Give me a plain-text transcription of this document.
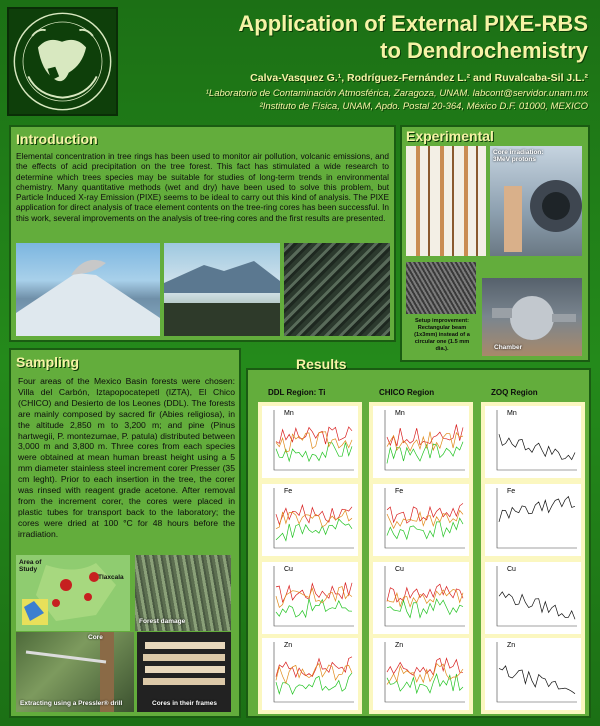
Application of External PIXE-RBS
to Dendrochemistry
Calva-Vasquez G.¹, Rodríguez-Fernández L.² and Ruvalcaba-Sil J.L.²
¹Laboratorio de Contaminación Atmosférica, Zaragoza, UNAM. labcont@servidor.unam.mx
²Instituto de Física, UNAM, Apdo. Postal 20-364, México D.F. 01000, MEXICO
Introduction
Elemental concentration in tree rings has been used to monitor air pollution, volcanic emissions, and the effects of acid precipitation on the tree forest. This fact has stimulated a wide research to determine which trees species may be suitable for studies of long-term trends in environmental chemistry. Many quantitative methods (wet and dry) have been used to solve this problem, but Particle Induced X-ray Emission (PIXE) seems to be ideal to carry out this kind of analysis. The PIXE application for direct analysis of trace element contents on the tree-ring cores has been successful. In this work, several improvements on the analysis of tree-ring cores and the first results are presented.
Experimental
Core irradiation: 3MeV protons
Setup improvement: Rectangular beam (1x3mm) instead of a circular one (1.5 mm dia.).	Chamber
Sampling
Four areas of the Mexico Basin forests were chosen: Villa del Carbón, Iztapopocatepetl (IZTA), El Chico (CHICO) and Desierto de los Leones (DDL). The forests are mainly composed by sacred fir (Abies religiosa), in the altitude 2,850 m to 3,200 m; and pine (Pinus hartwegii, P. montezumae, P. patula) distributed between 3,000 m and 3,800 m. Three cores from each species were obtained at mean human breast height using a 5 mm diameter stainless steel increment corer Presser (35 cm leght). Prior to each insertion in the tree, the corer was rinsed with reagent grade acetone. After removal from the increment corer, the cores were placed in plastic tubes for transport back to the laboratory; the cores were dried at 100 °C for 48 hours before the irradiation.
Area of Study
Tlaxcala
Forest damage
Core
Extracting using a Pressler® drill	Cores in their frames
Results
DDL Region: Ti
Mn
Fe
Cu
Zn
CHICO Region
Mn
Fe
Cu
Zn
ZOQ Region
Mn
Fe
Cu
Zn
